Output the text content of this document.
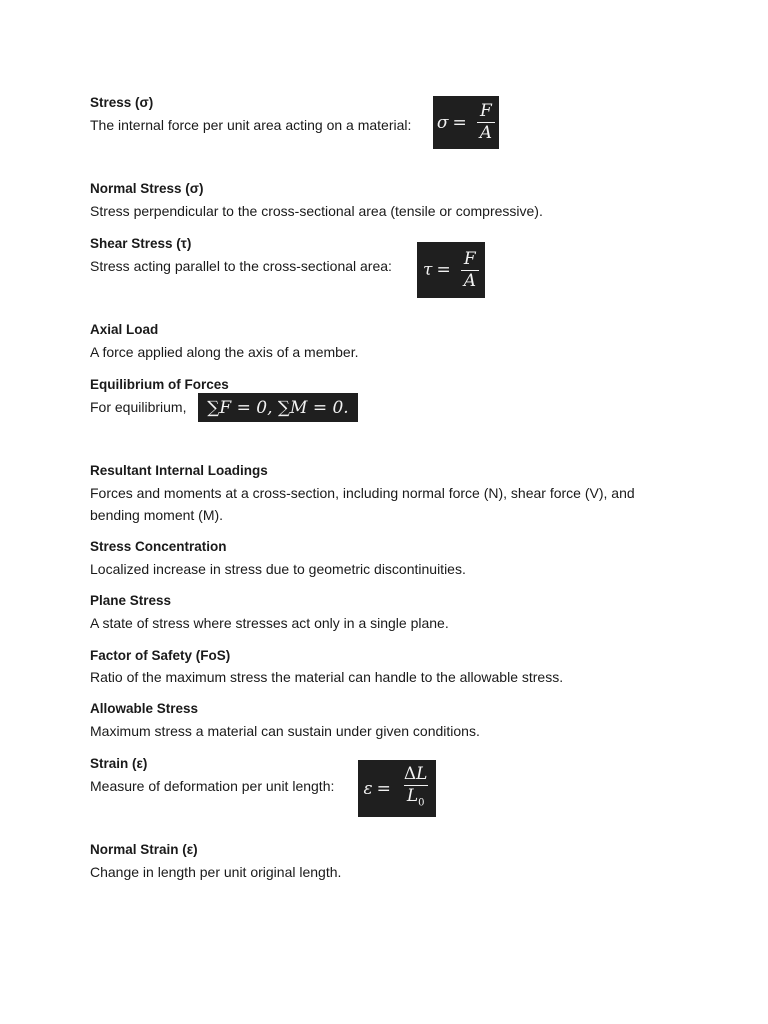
Stress (σ)
The internal force per unit area acting on a material: $\sigma = \frac{F}{A}$
Normal Stress (σ)
Stress perpendicular to the cross-sectional area (tensile or compressive).
Shear Stress (τ)
Stress acting parallel to the cross-sectional area: $\tau = \frac{F}{A}$
Axial Load
A force applied along the axis of a member.
Equilibrium of Forces
For equilibrium,	∑F = 0, ∑M = 0.
Resultant Internal Loadings
Forces and moments at a cross-section, including normal force (N), shear force (V), and bending moment (M).
Stress Concentration
Localized increase in stress due to geometric discontinuities.
Plane Stress
A state of stress where stresses act only in a single plane.
Factor of Safety (FoS)
Ratio of the maximum stress the material can handle to the allowable stress.
Allowable Stress
Maximum stress a material can sustain under given conditions.
Strain (ε)
Measure of deformation per unit length: $\varepsilon = \frac{\Delta L}{L_0}$
Normal Strain (ε)
Change in length per unit original length.
